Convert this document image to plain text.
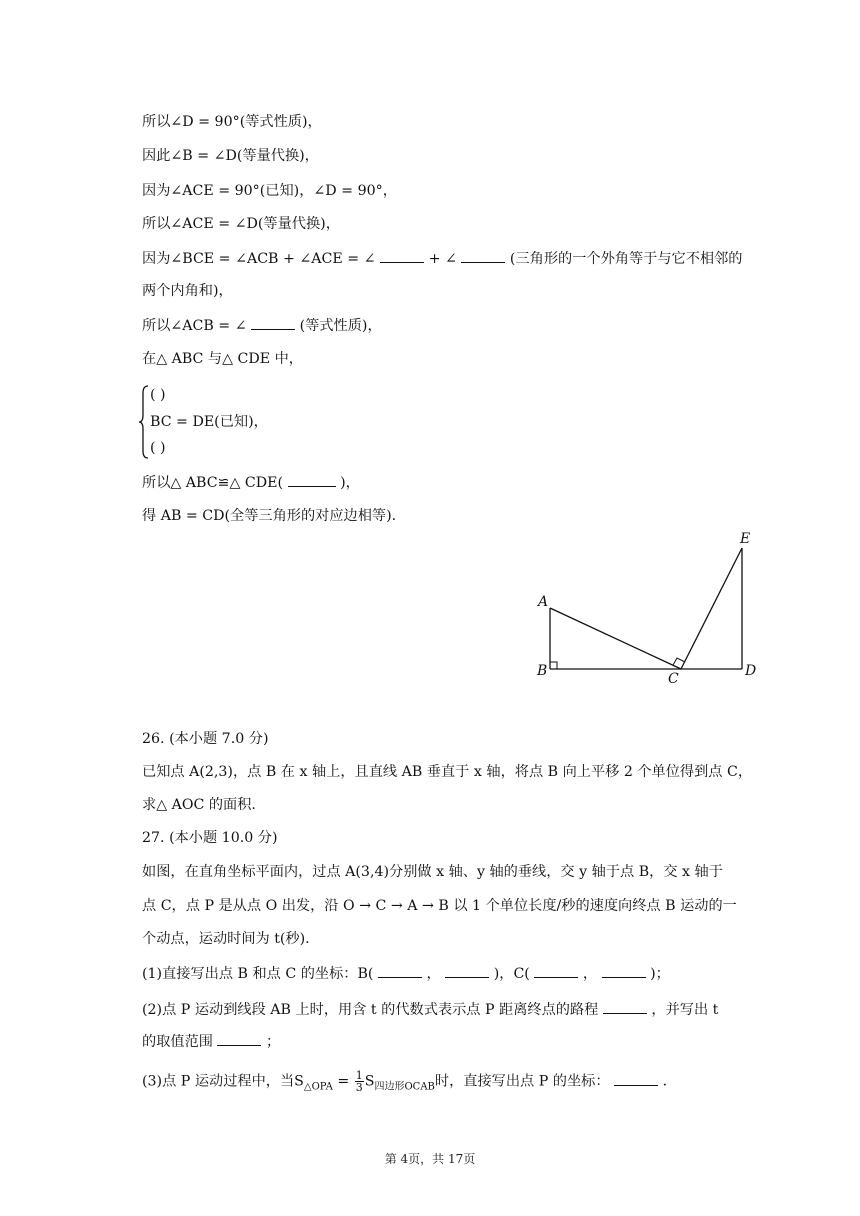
所以∠D = 90°(等式性质)，
因此∠B = ∠D(等量代换)，
因为∠ACE = 90°(已知)，∠D = 90°，
所以∠ACE = ∠D(等量代换)，
因为∠BCE = ∠ACB + ∠ACE = ∠	+ ∠	(三角形的一个外角等于与它不相邻的
两个内角和)，
所以∠ACB = ∠	(等式性质)，
在△ ABC 与△ CDE 中，
( )
BC = DE(已知)，
( )
所以△ ABC≌△ CDE(	)，
得 AB = CD(全等三角形的对应边相等).
A
B	C	D
E
26. (本小题 7.0 分)
已知点 A(2,3)，点 B 在 x 轴上，且直线 AB 垂直于 x 轴，将点 B 向上平移 2 个单位得到点 C，
求△ AOC 的面积.
27. (本小题 10.0 分)
如图，在直角坐标平面内，过点 A(3,4)分别做 x 轴、y 轴的垂线，交 y 轴于点 B，交 x 轴于
点 C，点 P 是从点 O 出发，沿 O → C → A → B 以 1 个单位长度/秒的速度向终点 B 运动的一
个动点，运动时间为 t(秒).
(1)直接写出点 B 和点 C 的坐标：B(	，	)，C(	，	)；
(2)点 P 运动到线段 AB 上时，用含 t 的代数式表示点 P 距离终点的路程	，并写出 t
的取值范围	；
(3)点 P 运动过程中，当$S_{\triangle OPA} = \frac{1}{3} S_{四边形OCAB}$时，直接写出点 P 的坐标：	.
第 4页，共 17页
